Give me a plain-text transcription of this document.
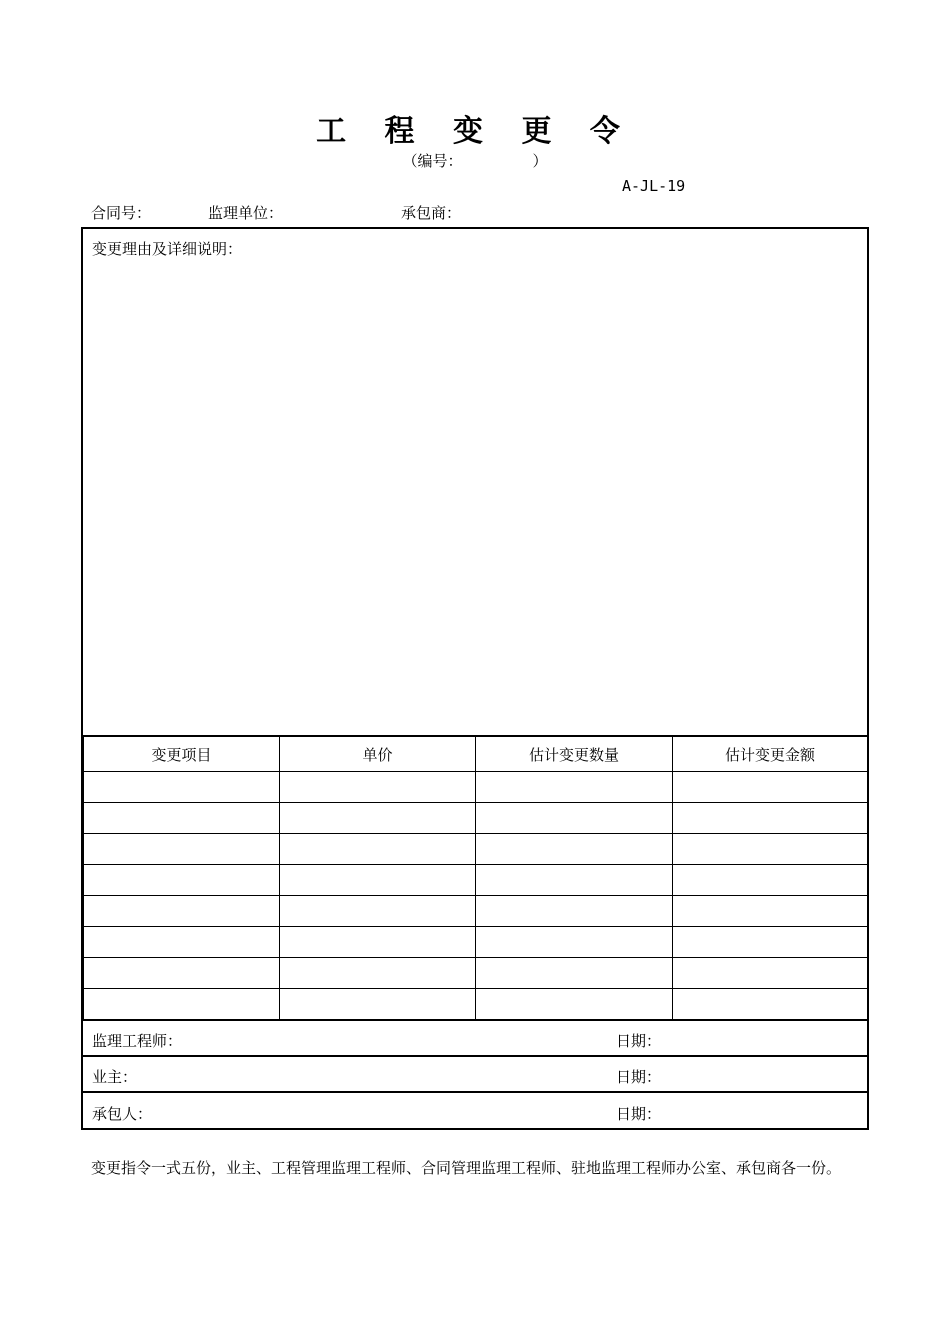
工 程 变 更 令
（编号：	）
A-JL-19
合同号：	监理单位：	承包商：
变更理由及详细说明：
变更项目	单价	估计变更数量	估计变更金额

监理工程师：	日期：
业主：	日期：
承包人：	日期：
变更指令一式五份，业主、工程管理监理工程师、合同管理监理工程师、驻地监理工程师办公室、承包商各一份。
